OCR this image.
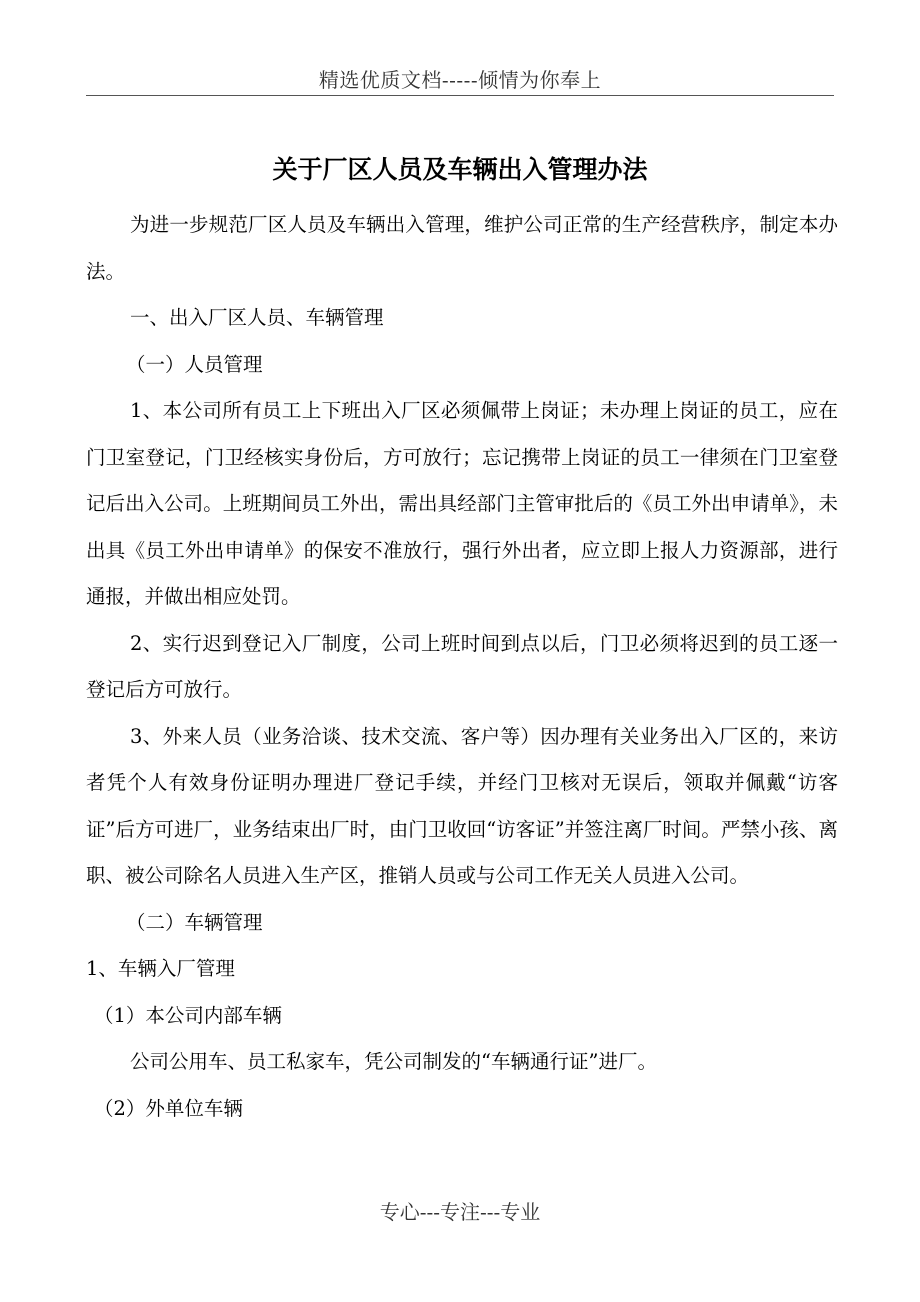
精选优质文档-----倾情为你奉上
关于厂区人员及车辆出入管理办法

为进一步规范厂区人员及车辆出入管理，维护公司正常的生产经营秩序，制定本办法。

一、出入厂区人员、车辆管理

（一）人员管理

1、本公司所有员工上下班出入厂区必须佩带上岗证；未办理上岗证的员工，应在门卫室登记，门卫经核实身份后，方可放行；忘记携带上岗证的员工一律须在门卫室登记后出入公司。上班期间员工外出，需出具经部门主管审批后的《员工外出申请单》，未出具《员工外出申请单》的保安不准放行，强行外出者，应立即上报人力资源部，进行通报，并做出相应处罚。

2、实行迟到登记入厂制度，公司上班时间到点以后，门卫必须将迟到的员工逐一登记后方可放行。

3、外来人员（业务洽谈、技术交流、客户等）因办理有关业务出入厂区的，来访者凭个人有效身份证明办理进厂登记手续，并经门卫核对无误后，领取并佩戴“访客证”后方可进厂，业务结束出厂时，由门卫收回“访客证”并签注离厂时间。严禁小孩、离职、被公司除名人员进入生产区，推销人员或与公司工作无关人员进入公司。

（二）车辆管理

1、车辆入厂管理

（1）本公司内部车辆

公司公用车、员工私家车，凭公司制发的“车辆通行证”进厂。

（2）外单位车辆

专心---专注---专业
